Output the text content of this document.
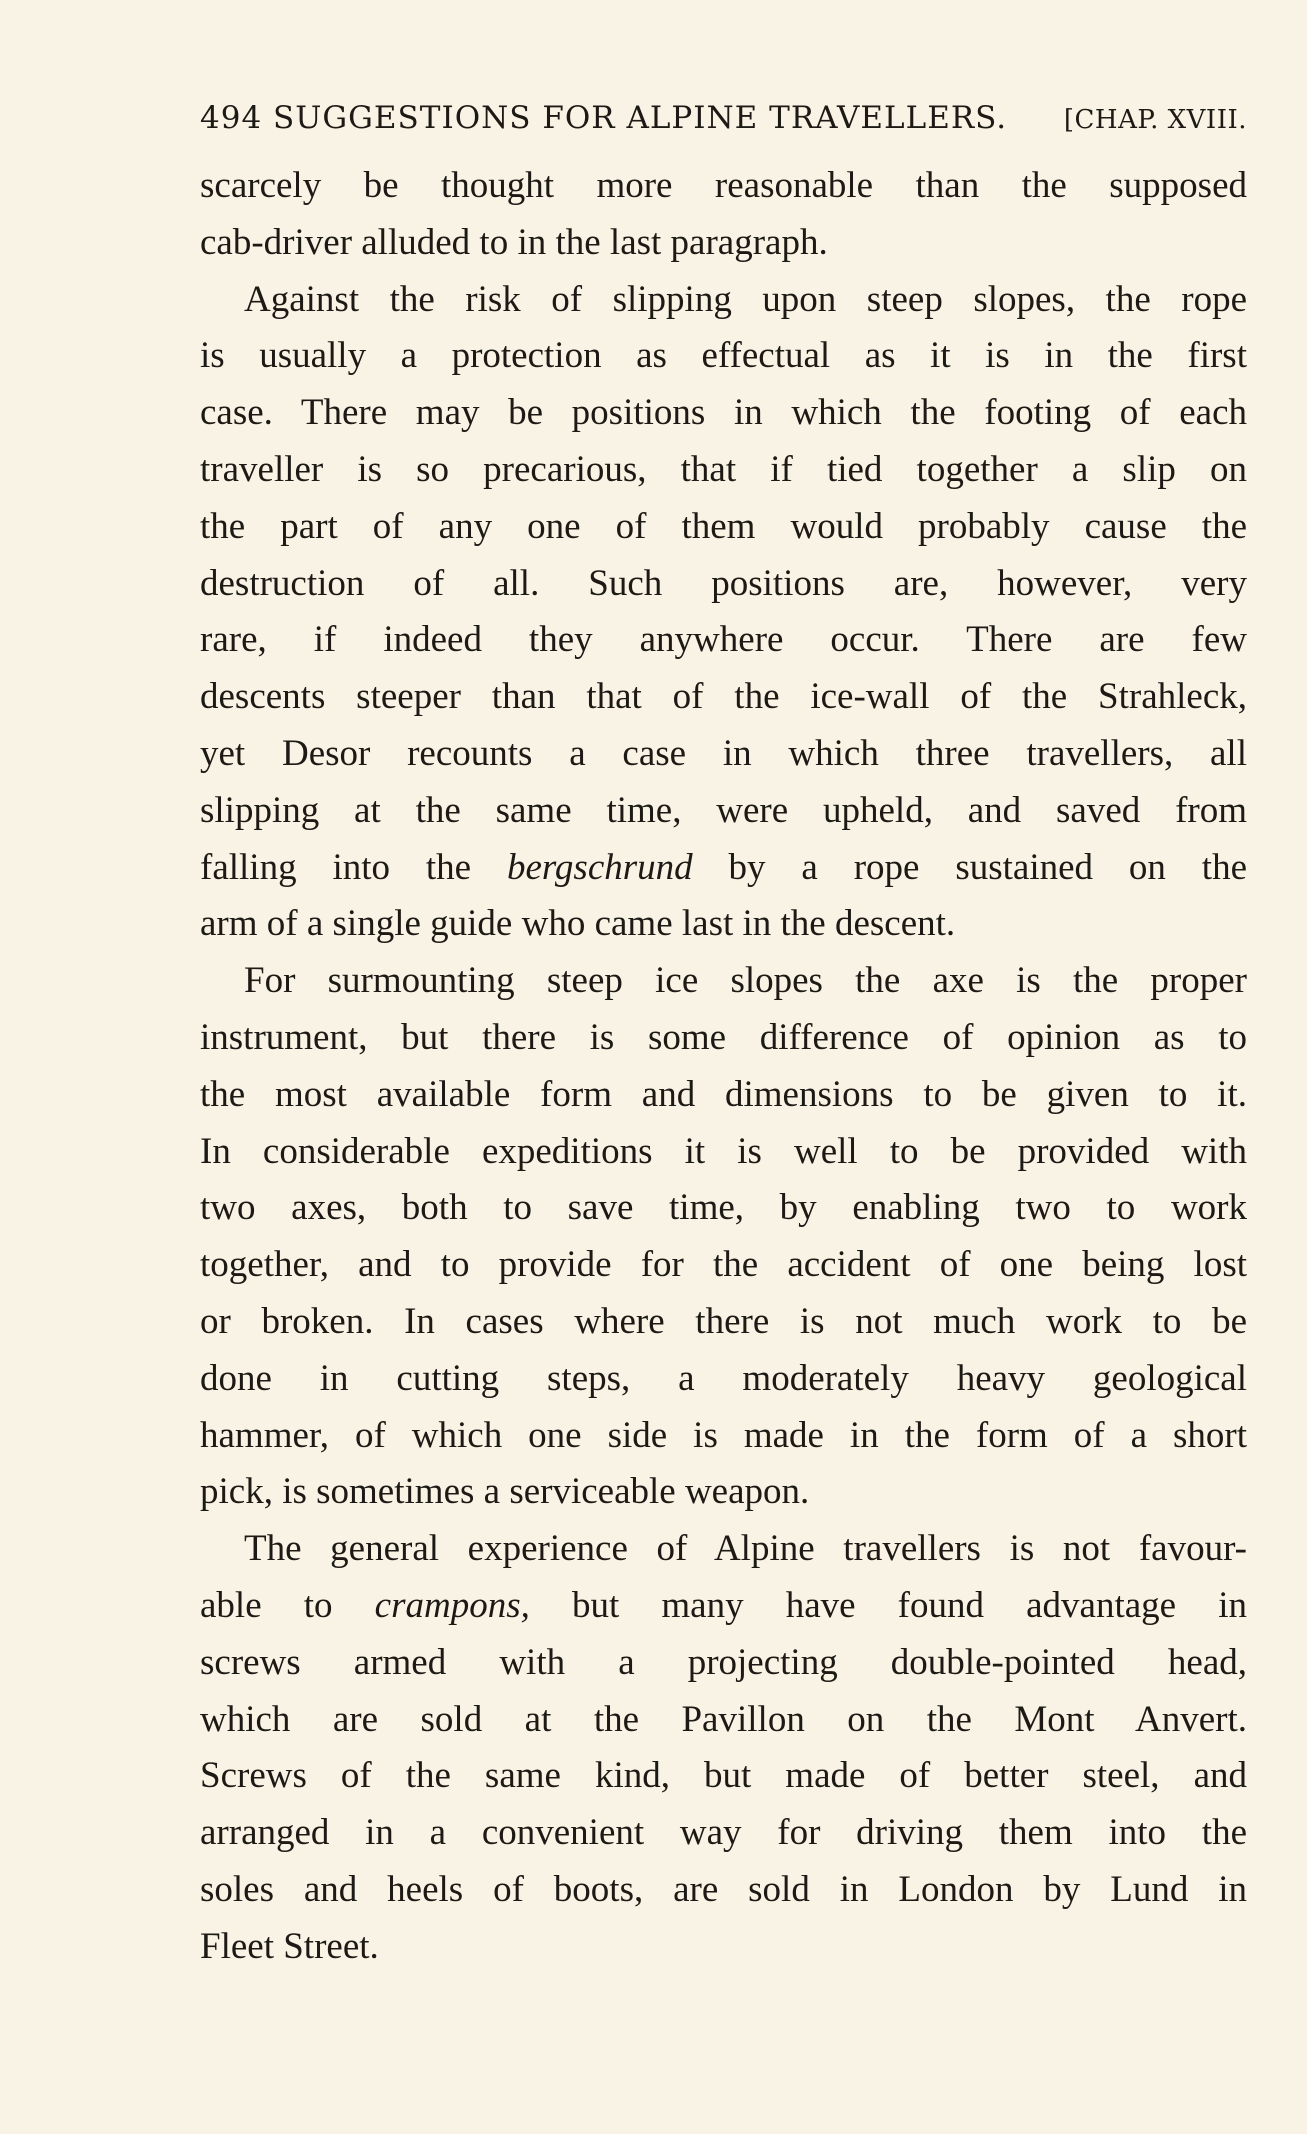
494 SUGGESTIONS FOR ALPINE TRAVELLERS. [CHAP. XVIII.
scarcely be thought more reasonable than the supposed
cab-driver alluded to in the last paragraph.
Against the risk of slipping upon steep slopes, the rope
is usually a protection as effectual as it is in the first
case. There may be positions in which the footing of each
traveller is so precarious, that if tied together a slip on
the part of any one of them would probably cause the
destruction of all. Such positions are, however, very
rare, if indeed they anywhere occur. There are few
descents steeper than that of the ice-wall of the Strahleck,
yet Desor recounts a case in which three travellers, all
slipping at the same time, were upheld, and saved from
falling into the bergschrund by a rope sustained on the
arm of a single guide who came last in the descent.
For surmounting steep ice slopes the axe is the proper
instrument, but there is some difference of opinion as to
the most available form and dimensions to be given to it.
In considerable expeditions it is well to be provided with
two axes, both to save time, by enabling two to work
together, and to provide for the accident of one being lost
or broken. In cases where there is not much work to be
done in cutting steps, a moderately heavy geological
hammer, of which one side is made in the form of a short
pick, is sometimes a serviceable weapon.
The general experience of Alpine travellers is not favour-
able to crampons, but many have found advantage in
screws armed with a projecting double-pointed head,
which are sold at the Pavillon on the Mont Anvert.
Screws of the same kind, but made of better steel, and
arranged in a convenient way for driving them into the
soles and heels of boots, are sold in London by Lund in
Fleet Street.
